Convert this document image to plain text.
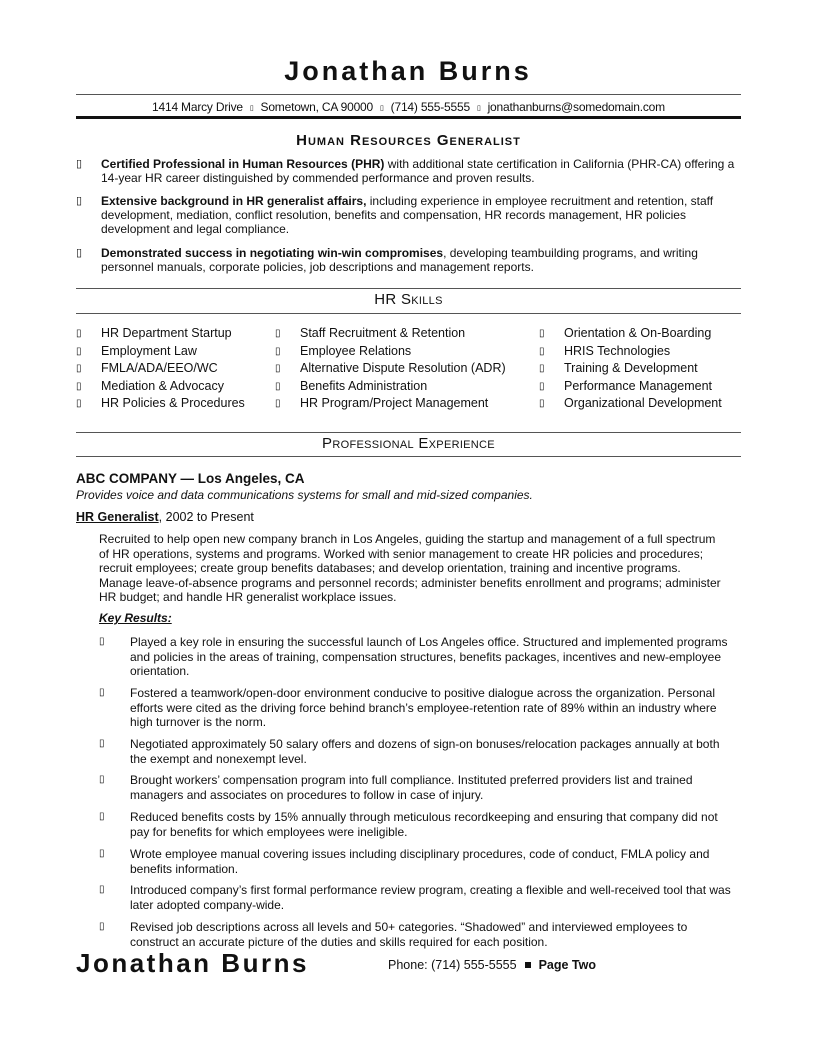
Jonathan Burns
1414 Marcy Drive ▯ Sometown, CA 90000 ▯ (714) 555-5555 ▯ jonathanburns@somedomain.com
Human Resources Generalist
▯ Certified Professional in Human Resources (PHR) with additional state certification in California (PHR-CA) offering a 14-year HR career distinguished by commended performance and proven results.
▯ Extensive background in HR generalist affairs, including experience in employee recruitment and retention, staff development, mediation, conflict resolution, benefits and compensation, HR records management, HR policies development and legal compliance.
▯ Demonstrated success in negotiating win-win compromises, developing teambuilding programs, and writing personnel manuals, corporate policies, job descriptions and management reports.
HR Skills
▯ HR Department Startup
▯ Employment Law
▯ FMLA/ADA/EEO/WC
▯ Mediation & Advocacy
▯ HR Policies & Procedures
▯ Staff Recruitment & Retention
▯ Employee Relations
▯ Alternative Dispute Resolution (ADR)
▯ Benefits Administration
▯ HR Program/Project Management
▯ Orientation & On-Boarding
▯ HRIS Technologies
▯ Training & Development
▯ Performance Management
▯ Organizational Development
Professional Experience
ABC COMPANY — Los Angeles, CA
Provides voice and data communications systems for small and mid-sized companies.
HR Generalist, 2002 to Present
Recruited to help open new company branch in Los Angeles, guiding the startup and management of a full spectrum of HR operations, systems and programs. Worked with senior management to create HR policies and procedures; recruit employees; create group benefits databases; and develop orientation, training and incentive programs. Manage leave-of-absence programs and personnel records; administer benefits enrollment and programs; administer HR budget; and handle HR generalist workplace issues.
Key Results:
▯ Played a key role in ensuring the successful launch of Los Angeles office. Structured and implemented programs and policies in the areas of training, compensation structures, benefits packages, incentives and new-employee orientation.
▯ Fostered a teamwork/open-door environment conducive to positive dialogue across the organization. Personal efforts were cited as the driving force behind branch’s employee-retention rate of 89% within an industry where high turnover is the norm.
▯ Negotiated approximately 50 salary offers and dozens of sign-on bonuses/relocation packages annually at both the exempt and nonexempt level.
▯ Brought workers’ compensation program into full compliance. Instituted preferred providers list and trained managers and associates on procedures to follow in case of injury.
▯ Reduced benefits costs by 15% annually through meticulous recordkeeping and ensuring that company did not pay for benefits for which employees were ineligible.
▯ Wrote employee manual covering issues including disciplinary procedures, code of conduct, FMLA policy and benefits information.
▯ Introduced company’s first formal performance review program, creating a flexible and well-received tool that was later adopted company-wide.
▯ Revised job descriptions across all levels and 50+ categories. “Shadowed” and interviewed employees to construct an accurate picture of the duties and skills required for each position.
Jonathan Burns	Phone: (714) 555-5555 Page Two
